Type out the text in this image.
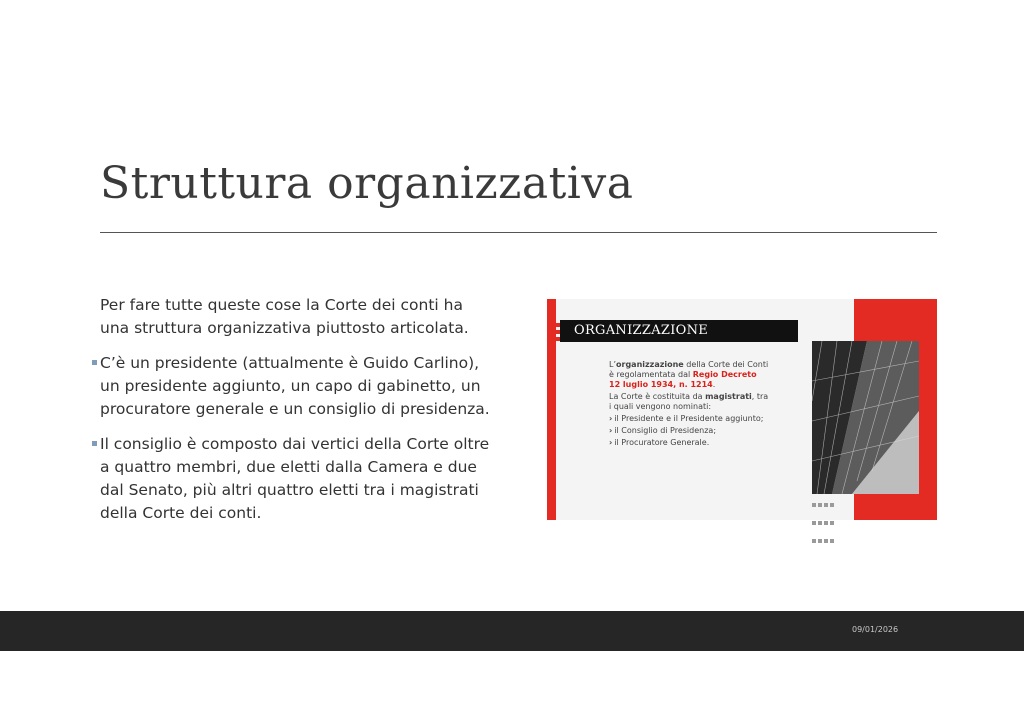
Struttura organizzativa

Per fare tutte queste cose la Corte dei conti ha una struttura organizzativa piuttosto articolata.

C’è un presidente (attualmente è Guido Carlino), un presidente aggiunto, un capo di gabinetto, un procuratore generale e un consiglio di presidenza.
Il consiglio è composto dai vertici della Corte oltre a quattro membri, due eletti dalla Camera e due dal Senato, più altri quattro eletti tra i magistrati della Corte dei conti.
ORGANIZZAZIONE

L’organizzazione della Corte dei Conti è regolamentata dal Regio Decreto 12 luglio 1934, n. 1214.

La Corte è costituita da magistrati, tra i quali vengono nominati:

› il Presidente e il Presidente aggiunto;

› il Consiglio di Presidenza;

› il Procuratore Generale.

09/01/2026
